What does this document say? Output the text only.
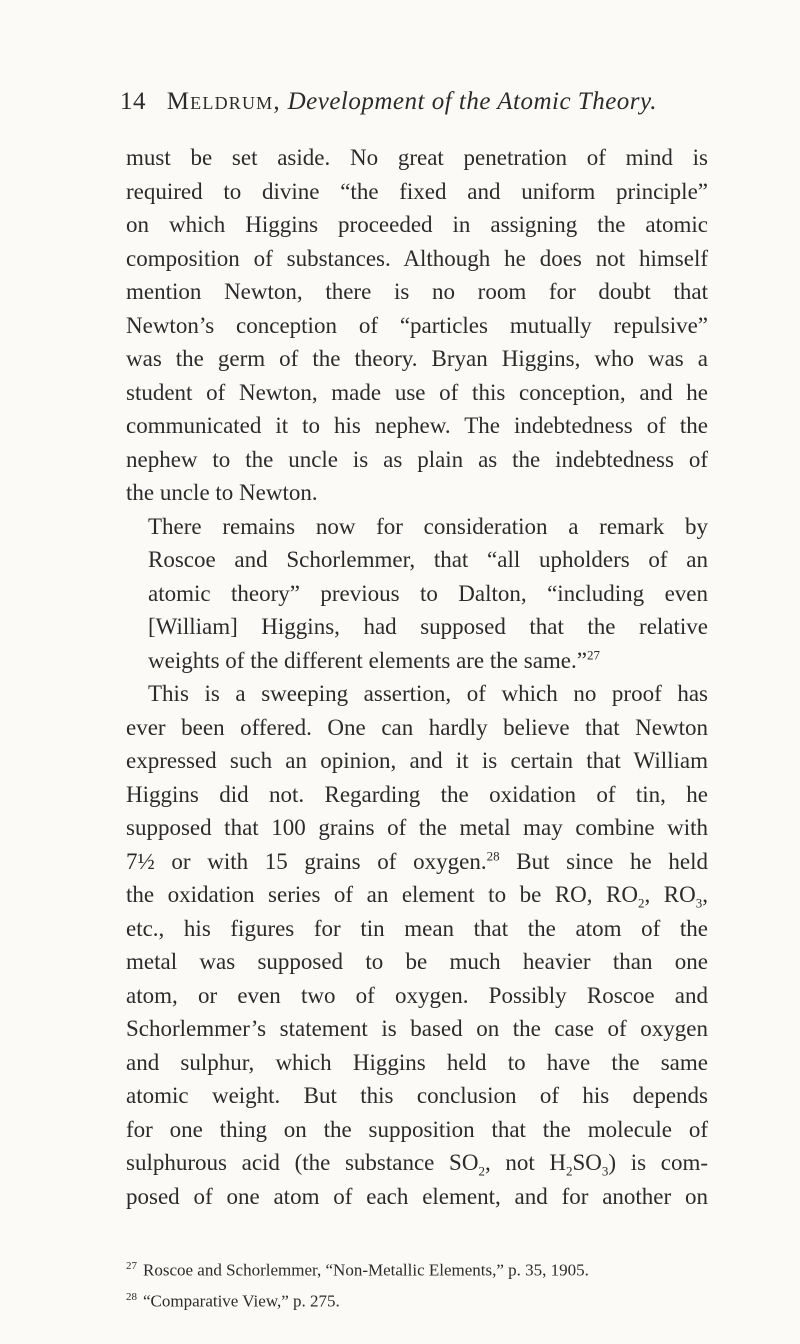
14 Meldrum, Development of the Atomic Theory.

must be set aside. No great penetration of mind is
required to divine “the fixed and uniform principle”
on which Higgins proceeded in assigning the atomic
composition of substances. Although he does not himself
mention Newton, there is no room for doubt that
Newton’s conception of “particles mutually repulsive”
was the germ of the theory. Bryan Higgins, who was a
student of Newton, made use of this conception, and he
communicated it to his nephew. The indebtedness of the
nephew to the uncle is as plain as the indebtedness of
the uncle to Newton.

There remains now for consideration a remark by
Roscoe and Schorlemmer, that “all upholders of an
atomic theory” previous to Dalton, “including even
[William] Higgins, had supposed that the relative
weights of the different elements are the same.”$^{27}$

This is a sweeping assertion, of which no proof has
ever been offered. One can hardly believe that Newton
expressed such an opinion, and it is certain that William
Higgins did not. Regarding the oxidation of tin, he
supposed that 100 grains of the metal may combine with
7½ or with 15 grains of oxygen.$^{28}$ But since he held
the oxidation series of an element to be RO, $RO_2$, $RO_3$,
etc., his figures for tin mean that the atom of the
metal was supposed to be much heavier than one
atom, or even two of oxygen. Possibly Roscoe and
Schorlemmer’s statement is based on the case of oxygen
and sulphur, which Higgins held to have the same
atomic weight. But this conclusion of his depends
for one thing on the supposition that the molecule of
sulphurous acid (the substance $SO_2$, not $H_2SO_3$) is com-
posed of one atom of each element, and for another on

$^{27}$ Roscoe and Schorlemmer, “Non-Metallic Elements,” p. 35, 1905.
$^{28}$ “Comparative View,” p. 275.
